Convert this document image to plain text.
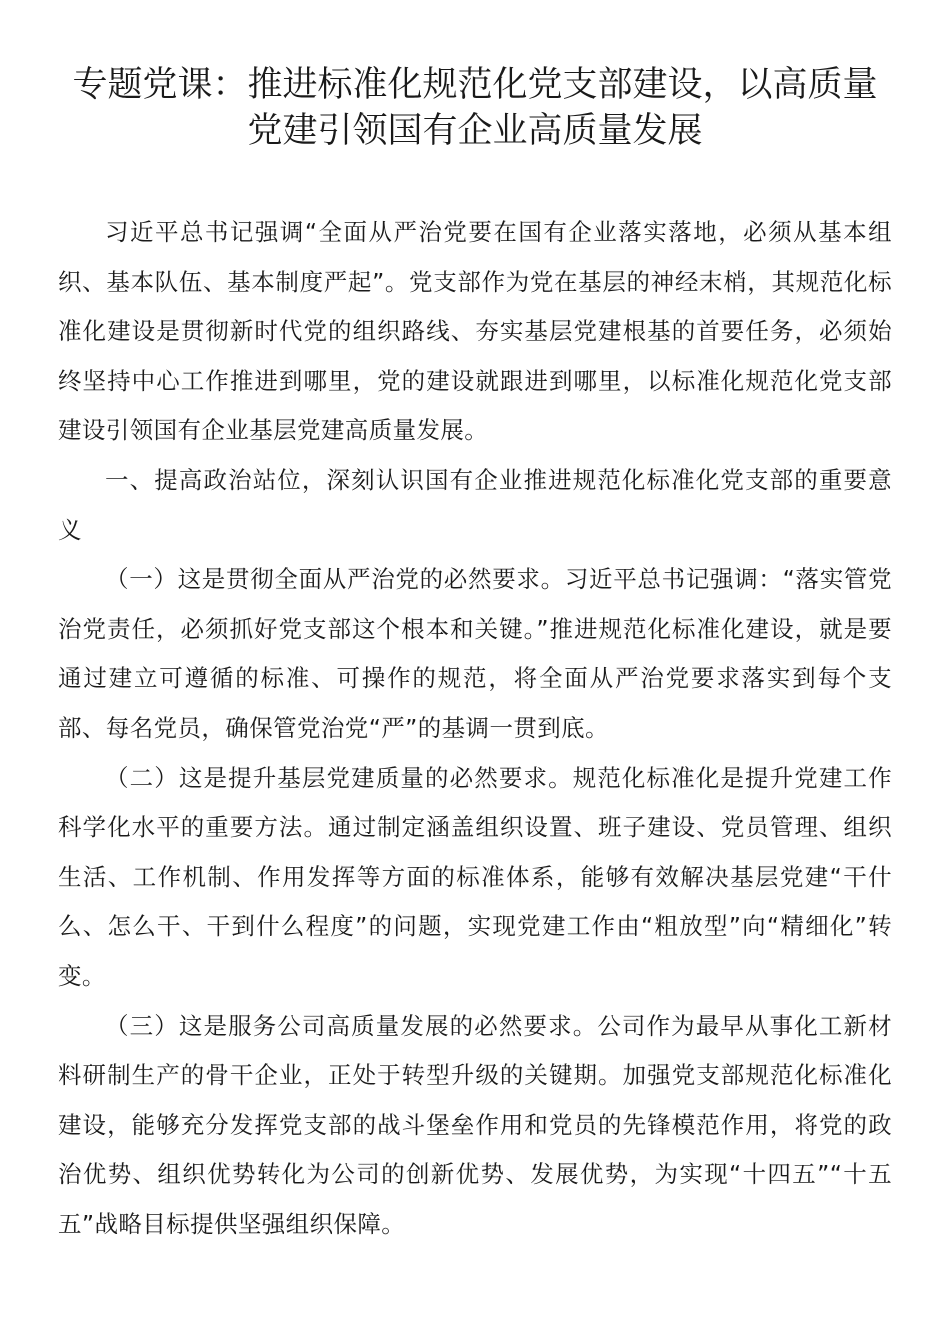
专题党课：推进标准化规范化党支部建设，以高质量
党建引领国有企业高质量发展

习近平总书记强调“全面从严治党要在国有企业落实落地，必须从基本组织、基本队伍、基本制度严起”。党支部作为党在基层的神经末梢，其规范化标准化建设是贯彻新时代党的组织路线、夯实基层党建根基的首要任务，必须始终坚持中心工作推进到哪里，党的建设就跟进到哪里，以标准化规范化党支部建设引领国有企业基层党建高质量发展。

一、提高政治站位，深刻认识国有企业推进规范化标准化党支部的重要意义

（一）这是贯彻全面从严治党的必然要求。习近平总书记强调：“落实管党治党责任，必须抓好党支部这个根本和关键。”推进规范化标准化建设，就是要通过建立可遵循的标准、可操作的规范，将全面从严治党要求落实到每个支部、每名党员，确保管党治党“严”的基调一贯到底。

（二）这是提升基层党建质量的必然要求。规范化标准化是提升党建工作科学化水平的重要方法。通过制定涵盖组织设置、班子建设、党员管理、组织生活、工作机制、作用发挥等方面的标准体系，能够有效解决基层党建“干什么、怎么干、干到什么程度”的问题，实现党建工作由“粗放型”向“精细化”转变。

（三）这是服务公司高质量发展的必然要求。公司作为最早从事化工新材料研制生产的骨干企业，正处于转型升级的关键期。加强党支部规范化标准化建设，能够充分发挥党支部的战斗堡垒作用和党员的先锋模范作用，将党的政治优势、组织优势转化为公司的创新优势、发展优势，为实现“十四五”“十五五”战略目标提供坚强组织保障。
